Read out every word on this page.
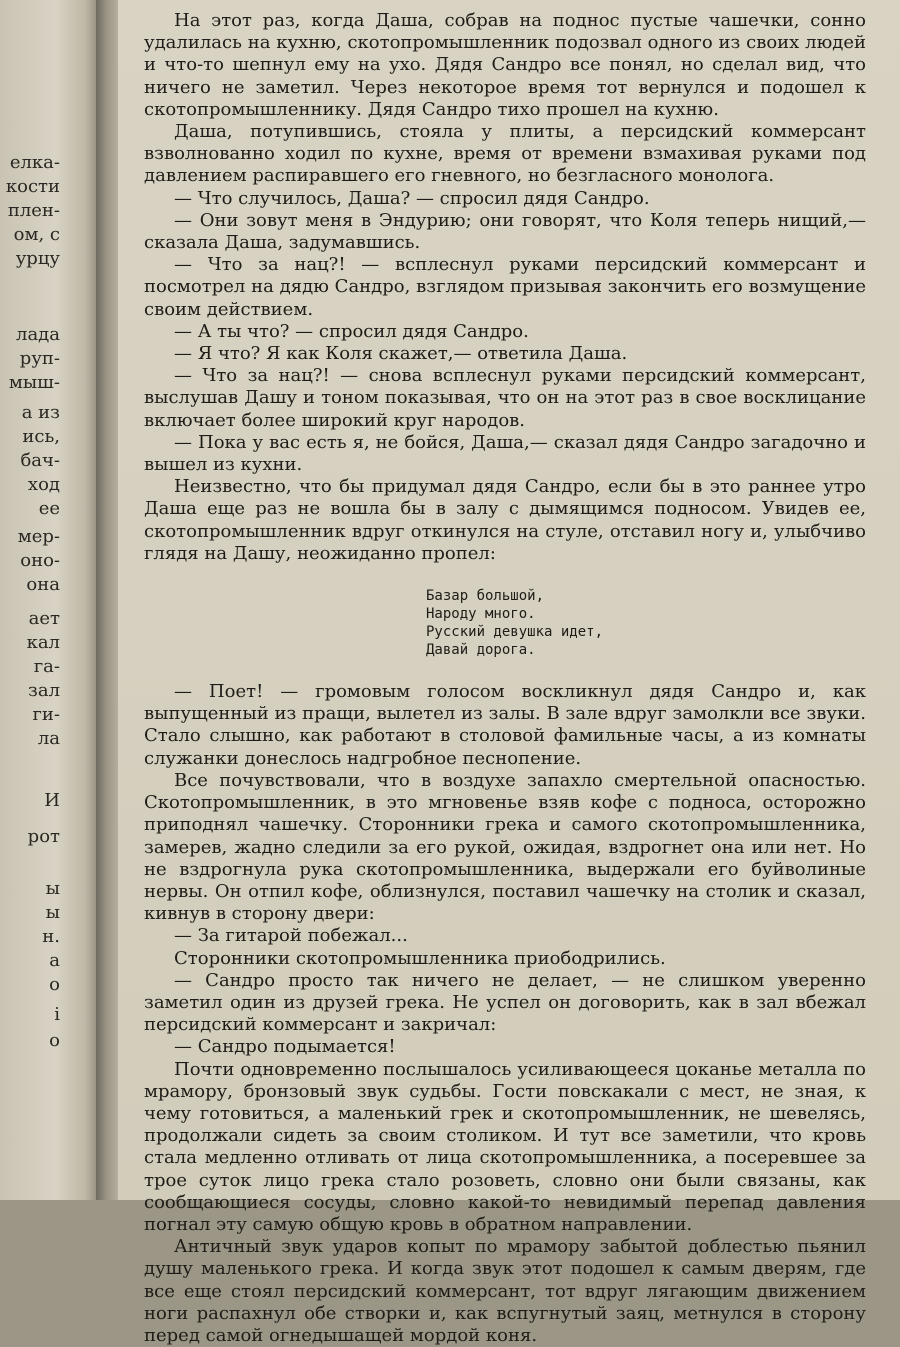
елка-
кости
плен-
ом, с
урцу
лада
руп-
мыш-
а из
ись,
бач-
ход
ее
мер-
оно-
она
ает
кал
га-
зал
ги-
ла
И
рот
ы
ы
н.
а
о
і
о

На этот раз, когда Даша, собрав на поднос пустые чашечки, сонно удалилась на кухню, скотопромышленник подозвал одного из своих людей и что-то шепнул ему на ухо. Дядя Сандро все понял, но сделал вид, что ничего не заметил. Через некоторое время тот вернулся и подошел к скотопромышленнику. Дядя Сандро тихо прошел на кухню.

Даша, потупившись, стояла у плиты, а персидский коммерсант взволнованно ходил по кухне, время от времени взмахивая руками под давлением распиравшего его гневного, но безгласного монолога.

— Что случилось, Даша? — спросил дядя Сандро.

— Они зовут меня в Эндурию; они говорят, что Коля теперь нищий,— сказала Даша, задумавшись.

— Что за нац?! — всплеснул руками персидский коммерсант и посмотрел на дядю Сандро, взглядом призывая закончить его возмущение своим действием.

— А ты что? — спросил дядя Сандро.

— Я что? Я как Коля скажет,— ответила Даша.

— Что за нац?! — снова всплеснул руками персидский коммерсант, выслушав Дашу и тоном показывая, что он на этот раз в свое восклицание включает более широкий круг народов.

— Пока у вас есть я, не бойся, Даша,— сказал дядя Сандро загадочно и вышел из кухни.

Неизвестно, что бы придумал дядя Сандро, если бы в это раннее утро Даша еще раз не вошла бы в залу с дымящимся подносом. Увидев ее, скотопромышленник вдруг откинулся на стуле, отставил ногу и, улыбчиво глядя на Дашу, неожиданно пропел:

Базар большой,
Народу много.
Русский девушка идет,
Давай дорога.

— Поет! — громовым голосом воскликнул дядя Сандро и, как выпущенный из пращи, вылетел из залы. В зале вдруг замолкли все звуки. Стало слышно, как работают в столовой фамильные часы, а из комнаты служанки донеслось надгробное песнопение.

Все почувствовали, что в воздухе запахло смертельной опасностью. Скотопромышленник, в это мгновенье взяв кофе с подноса, осторожно приподнял чашечку. Сторонники грека и самого скотопромышленника, замерев, жадно следили за его рукой, ожидая, вздрогнет она или нет. Но не вздрогнула рука скотопромышленника, выдержали его буйволиные нервы. Он отпил кофе, облизнулся, поставил чашечку на столик и сказал, кивнув в сторону двери:

— За гитарой побежал...

Сторонники скотопромышленника приободрились.

— Сандро просто так ничего не делает, — не слишком уверенно заметил один из друзей грека. Не успел он договорить, как в зал вбежал персидский коммерсант и закричал:

— Сандро подымается!

Почти одновременно послышалось усиливающееся цоканье металла по мрамору, бронзовый звук судьбы. Гости повскакали с мест, не зная, к чему готовиться, а маленький грек и скотопромышленник, не шевелясь, продолжали сидеть за своим столиком. И тут все заметили, что кровь стала медленно отливать от лица скотопромышленника, а посеревшее за трое суток лицо грека стало розоветь, словно они были связаны, как сообщающиеся сосуды, словно какой-то невидимый перепад давления погнал эту самую общую кровь в обратном направлении.

Античный звук ударов копыт по мрамору забытой доблестью пьянил душу маленького грека. И когда звук этот подошел к самым дверям, где все еще стоял персидский коммерсант, тот вдруг лягающим движением ноги распахнул обе створки и, как вспугнутый заяц, метнулся в сторону перед самой огнедышащей мордой коня.
